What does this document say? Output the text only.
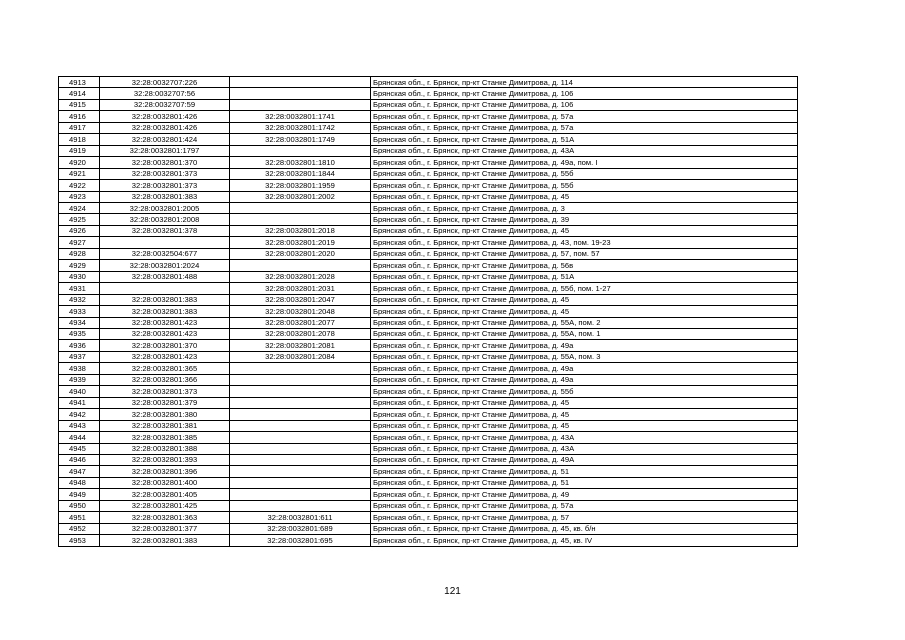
4913	32:28:0032707:226		Брянская обл., г. Брянск, пр-кт Станке Димитрова, д. 114
4914	32:28:0032707:56		Брянская обл., г. Брянск, пр-кт Станке Димитрова, д. 106
4915	32:28:0032707:59		Брянская обл., г. Брянск, пр-кт Станке Димитрова, д. 106
4916	32:28:0032801:426	32:28:0032801:1741	Брянская обл., г. Брянск, пр-кт Станке Димитрова, д. 57а
4917	32:28:0032801:426	32:28:0032801:1742	Брянская обл., г. Брянск, пр-кт Станке Димитрова, д. 57а
4918	32:28:0032801:424	32:28:0032801:1749	Брянская обл., г. Брянск, пр-кт Станке Димитрова, д. 51А
4919	32:28:0032801:1797		Брянская обл., г. Брянск, пр-кт Станке Димитрова, д. 43А
4920	32:28:0032801:370	32:28:0032801:1810	Брянская обл., г. Брянск, пр-кт Станке Димитрова, д. 49а, пом. I
4921	32:28:0032801:373	32:28:0032801:1844	Брянская обл., г. Брянск, пр-кт Станке Димитрова, д. 55б
4922	32:28:0032801:373	32:28:0032801:1959	Брянская обл., г. Брянск, пр-кт Станке Димитрова, д. 55б
4923	32:28:0032801:383	32:28:0032801:2002	Брянская обл., г. Брянск, пр-кт Станке Димитрова, д. 45
4924	32:28:0032801:2005		Брянская обл., г. Брянск, пр-кт Станке Димитрова, д. 3
4925	32:28:0032801:2008		Брянская обл., г. Брянск, пр-кт Станке Димитрова, д. 39
4926	32:28:0032801:378	32:28:0032801:2018	Брянская обл., г. Брянск, пр-кт Станке Димитрова, д. 45
4927		32:28:0032801:2019	Брянская обл., г. Брянск, пр-кт Станке Димитрова, д. 43, пом. 19-23
4928	32:28:0032504:677	32:28:0032801:2020	Брянская обл., г. Брянск, пр-кт Станке Димитрова, д. 57, пом. 57
4929	32:28:0032801:2024		Брянская обл., г. Брянск, пр-кт Станке Димитрова, д. 56в
4930	32:28:0032801:488	32:28:0032801:2028	Брянская обл., г. Брянск, пр-кт Станке Димитрова, д. 51А
4931		32:28:0032801:2031	Брянская обл., г. Брянск, пр-кт Станке Димитрова, д. 55б, пом. 1-27
4932	32:28:0032801:383	32:28:0032801:2047	Брянская обл., г. Брянск, пр-кт Станке Димитрова, д. 45
4933	32:28:0032801:383	32:28:0032801:2048	Брянская обл., г. Брянск, пр-кт Станке Димитрова, д. 45
4934	32:28:0032801:423	32:28:0032801:2077	Брянская обл., г. Брянск, пр-кт Станке Димитрова, д. 55А, пом. 2
4935	32:28:0032801:423	32:28:0032801:2078	Брянская обл., г. Брянск, пр-кт Станке Димитрова, д. 55А, пом. 1
4936	32:28:0032801:370	32:28:0032801:2081	Брянская обл., г. Брянск, пр-кт Станке Димитрова, д. 49а
4937	32:28:0032801:423	32:28:0032801:2084	Брянская обл., г. Брянск, пр-кт Станке Димитрова, д. 55А, пом. 3
4938	32:28:0032801:365		Брянская обл., г. Брянск, пр-кт Станке Димитрова, д. 49а
4939	32:28:0032801:366		Брянская обл., г. Брянск, пр-кт Станке Димитрова, д. 49а
4940	32:28:0032801:373		Брянская обл., г. Брянск, пр-кт Станке Димитрова, д. 55б
4941	32:28:0032801:379		Брянская обл., г. Брянск, пр-кт Станке Димитрова, д. 45
4942	32:28:0032801:380		Брянская обл., г. Брянск, пр-кт Станке Димитрова, д. 45
4943	32:28:0032801:381		Брянская обл., г. Брянск, пр-кт Станке Димитрова, д. 45
4944	32:28:0032801:385		Брянская обл., г. Брянск, пр-кт Станке Димитрова, д. 43А
4945	32:28:0032801:388		Брянская обл., г. Брянск, пр-кт Станке Димитрова, д. 43А
4946	32:28:0032801:393		Брянская обл., г. Брянск, пр-кт Станке Димитрова, д. 49А
4947	32:28:0032801:396		Брянская обл., г. Брянск, пр-кт Станке Димитрова, д. 51
4948	32:28:0032801:400		Брянская обл., г. Брянск, пр-кт Станке Димитрова, д. 51
4949	32:28:0032801:405		Брянская обл., г. Брянск, пр-кт Станке Димитрова, д. 49
4950	32:28:0032801:425		Брянская обл., г. Брянск, пр-кт Станке Димитрова, д. 57а
4951	32:28:0032801:363	32:28:0032801:611	Брянская обл., г. Брянск, пр-кт Станке Димитрова, д. 57
4952	32:28:0032801:377	32:28:0032801:689	Брянская обл., г. Брянск, пр-кт Станке Димитрова, д. 45, кв. б/н
4953	32:28:0032801:383	32:28:0032801:695	Брянская обл., г. Брянск, пр-кт Станке Димитрова, д. 45, кв. IV
121
